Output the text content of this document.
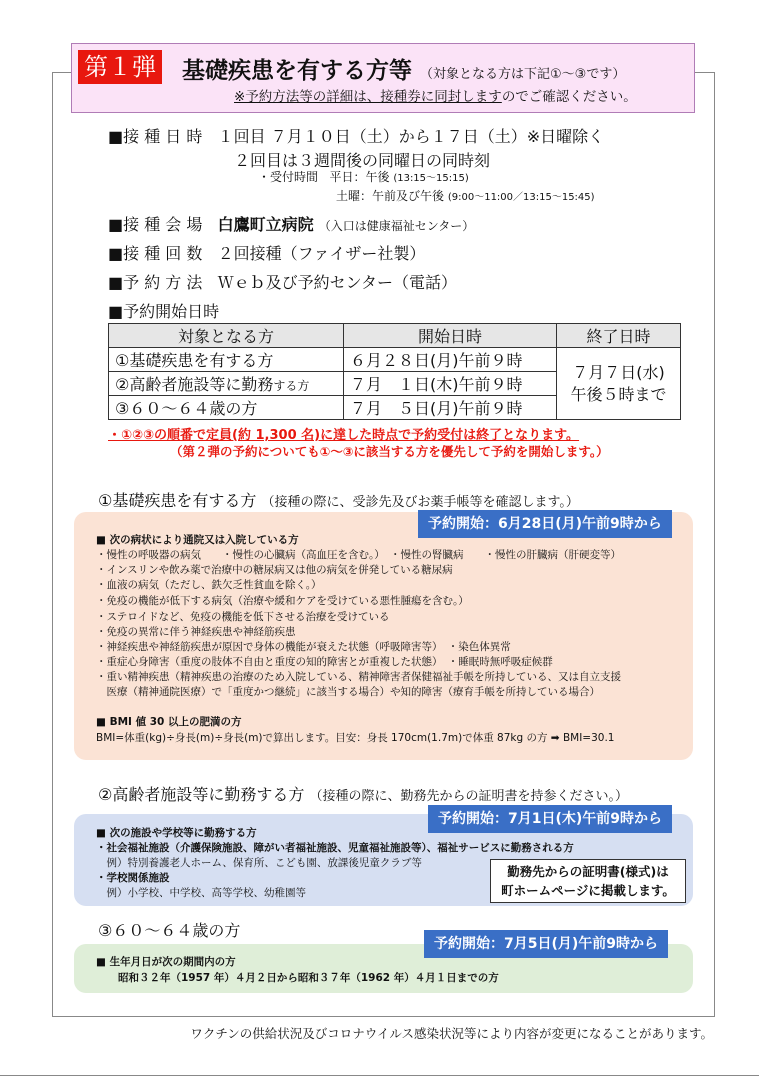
第１弾 基礎疾患を有する方等 （対象となる方は下記①～③です）
※予約方法等の詳細は、接種券に同封しますのでご確認ください。
■接 種 日 時 １回目 ７月１０日（土）から１７日（土）※日曜除く
２回目は３週間後の同曜日の同時刻
・受付時間 平日：午後 (13:15～15:15)
土曜：午前及び午後 (9:00～11:00／13:15～15:45)
■接 種 会 場 白鷹町立病院 （入口は健康福祉センター）
■接 種 回 数 ２回接種（ファイザー社製）
■予 約 方 法 Ｗｅｂ及び予約センター（電話）
■予約開始日時
対象となる方	開始日時	終了日時
①基礎疾患を有する方	６月２８日(月)午前９時	７月７日(水)
午後５時まで
②高齢者施設等に勤務する方	７月　１日(木)午前９時	
③６０～６４歳の方	７月　５日(月)午前９時	
・①②③の順番で定員(約 1,300 名)に達した時点で予約受付は終了となります。
（第２弾の予約についても①～③に該当する方を優先して予約を開始します。）
①基礎疾患を有する方 （接種の際に、受診先及びお薬手帳等を確認します。）
予約開始：6月28日(月)午前9時から
■ 次の病状により通院又は入院している方
・慢性の呼吸器の病気　　・慢性の心臓病（高血圧を含む。）　・慢性の腎臓病　　・慢性の肝臓病（肝硬変等）
・インスリンや飲み薬で治療中の糖尿病又は他の病気を併発している糖尿病
・血液の病気（ただし、鉄欠乏性貧血を除く。）
・免疫の機能が低下する病気（治療や緩和ケアを受けている悪性腫瘍を含む。）
・ステロイドなど、免疫の機能を低下させる治療を受けている
・免疫の異常に伴う神経疾患や神経筋疾患
・神経疾患や神経筋疾患が原因で身体の機能が衰えた状態（呼吸障害等）　・染色体異常
・重症心身障害（重度の肢体不自由と重度の知的障害とが重複した状態）　・睡眠時無呼吸症候群
・重い精神疾患（精神疾患の治療のため入院している、精神障害者保健福祉手帳を所持している、又は自立支援
　医療（精神通院医療）で「重度かつ継続」に該当する場合）や知的障害（療育手帳を所持している場合）
■ BMI 値 30 以上の肥満の方
BMI=体重(kg)÷身長(m)÷身長(m)で算出します。目安：身長 170cm(1.7m)で体重 87kg の方 ➡ BMI=30.1
②高齢者施設等に勤務する方 （接種の際に、勤務先からの証明書を持参ください。）
予約開始：7月1日(木)午前9時から
■ 次の施設や学校等に勤務する方
・社会福祉施設（介護保険施設、障がい者福祉施設、児童福祉施設等）、福祉サービスに勤務される方
　例）特別養護老人ホーム、保育所、こども園、放課後児童クラブ等
・学校関係施設
　例）小学校、中学校、高等学校、幼稚園等
勤務先からの証明書(様式)は
町ホームページに掲載します。
③６０～６４歳の方
予約開始：7月5日(月)午前9時から
■ 生年月日が次の期間内の方
昭和３２年（1957 年）４月２日から昭和３７年（1962 年）４月１日までの方
ワクチンの供給状況及びコロナウイルス感染状況等により内容が変更になることがあります。
